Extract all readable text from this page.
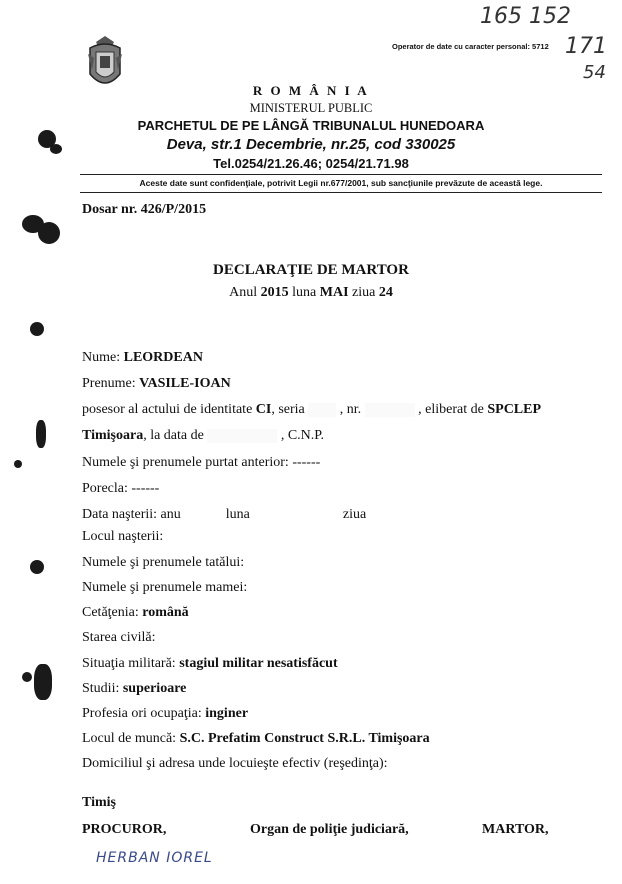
Operator de date cu caracter personal: 5712
165 152
171
54
R O M Â N I A
MINISTERUL PUBLIC
PARCHETUL DE PE LÂNGĂ TRIBUNALUL HUNEDOARA
Deva, str.1 Decembrie, nr.25, cod 330025
Tel.0254/21.26.46; 0254/21.71.98
Aceste date sunt confidenţiale, potrivit Legii nr.677/2001, sub sancţiunile prevăzute de această lege.
Dosar nr. 426/P/2015
DECLARAŢIE DE MARTOR
Anul 2015 luna MAI ziua 24
Nume: LEORDEAN
Prenume: VASILE-IOAN
posesor al actului de identitate CI, seria	, nr.	, eliberat de SPCLEP
Timişoara, la data de	, C.N.P.
Numele şi prenumele purtat anterior: ------
Porecla: ------
Data naşterii: anu	luna	ziua
Locul naşterii:
Numele şi prenumele tatălui:
Numele şi prenumele mamei:
Cetăţenia: română
Starea civilă:
Situaţia militară: stagiul militar nesatisfăcut
Studii: superioare
Profesia ori ocupaţia: inginer
Locul de muncă: S.C. Prefatim Construct S.R.L. Timişoara
Domiciliul şi adresa unde locuieşte efectiv (reşedinţa):
Timiş
PROCUROR,	Organ de poliţie judiciară,	MARTOR,
HERBAN IOREL
